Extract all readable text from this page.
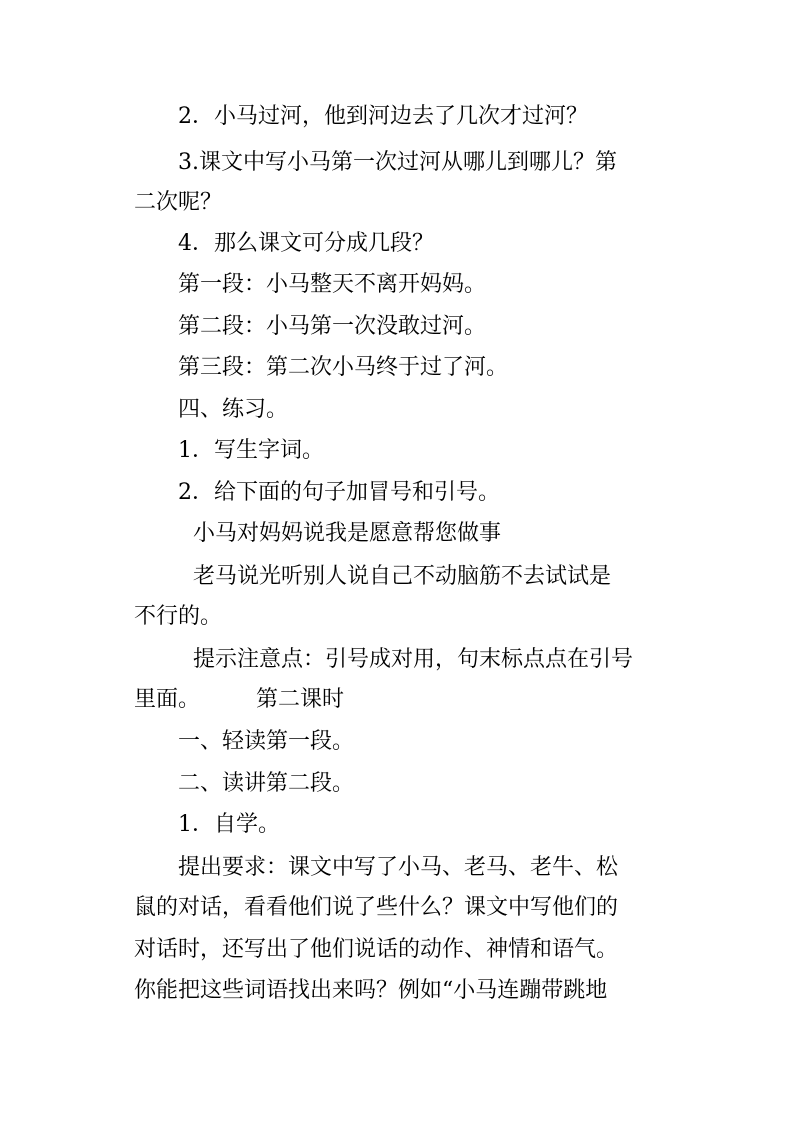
2．小马过河，他到河边去了几次才过河？
3.课文中写小马第一次过河从哪儿到哪儿？第
二次呢？
4．那么课文可分成几段？
第一段：小马整天不离开妈妈。
第二段：小马第一次没敢过河。
第三段：第二次小马终于过了河。
四、练习。
1．写生字词。
2．给下面的句子加冒号和引号。
小马对妈妈说我是愿意帮您做事
老马说光听别人说自己不动脑筋不去试试是
不行的。
提示注意点：引号成对用，句末标点点在引号
里面。	第二课时
一、轻读第一段。
二、读讲第二段。
1．自学。
提出要求：课文中写了小马、老马、老牛、松
鼠的对话，看看他们说了些什么？课文中写他们的
对话时，还写出了他们说话的动作、神情和语气。
你能把这些词语找出来吗？例如“小马连蹦带跳地
